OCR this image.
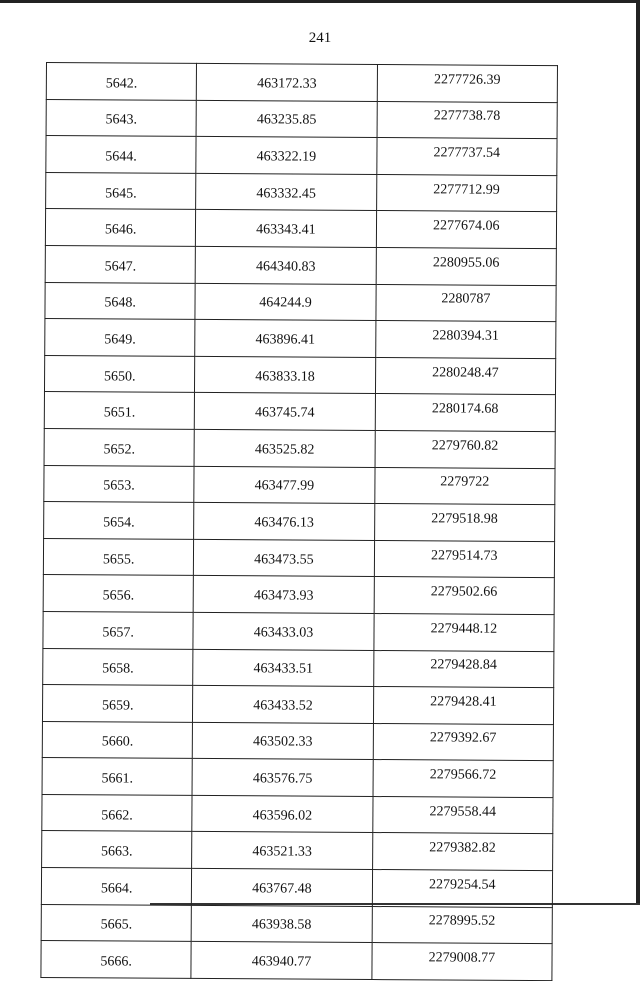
241
5642.	463172.33	2277726.39
5643.	463235.85	2277738.78
5644.	463322.19	2277737.54
5645.	463332.45	2277712.99
5646.	463343.41	2277674.06
5647.	464340.83	2280955.06
5648.	464244.9	2280787
5649.	463896.41	2280394.31
5650.	463833.18	2280248.47
5651.	463745.74	2280174.68
5652.	463525.82	2279760.82
5653.	463477.99	2279722
5654.	463476.13	2279518.98
5655.	463473.55	2279514.73
5656.	463473.93	2279502.66
5657.	463433.03	2279448.12
5658.	463433.51	2279428.84
5659.	463433.52	2279428.41
5660.	463502.33	2279392.67
5661.	463576.75	2279566.72
5662.	463596.02	2279558.44
5663.	463521.33	2279382.82
5664.	463767.48	2279254.54
5665.	463938.58	2278995.52
5666.	463940.77	2279008.77
